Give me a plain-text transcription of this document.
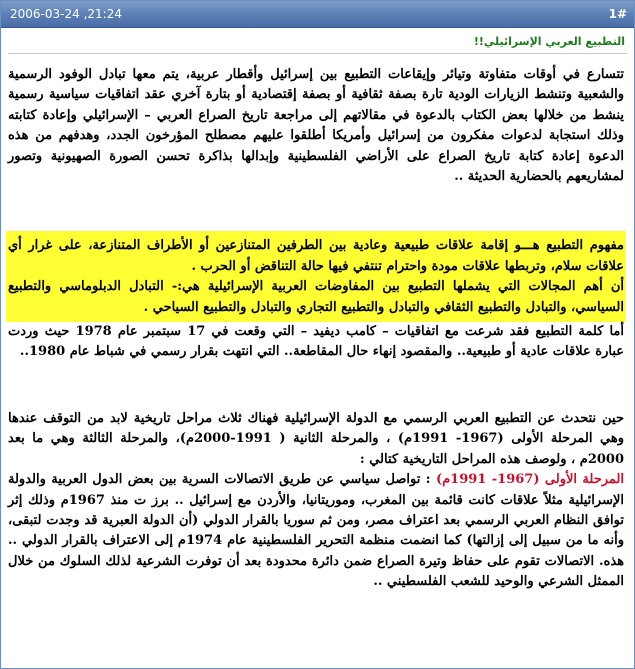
2006-03-24 ,21:24	1#
التطبيع العربي الإسرائيلي!!

تتسارع في أوقات متفاوتة وتيائر وإيقاعات التطبيع بين إسرائيل وأقطار عربية، يتم معها تبادل الوفود الرسمية والشعبية وتنشط الزيارات الودية تارة بصفة ثقافية أو بصفة إقتصادية أو بتارة آخري عقد اتفاقيات سياسية رسمية ينشط من خلالها بعض الكتاب بالدعوة في مقالاتهم إلى مراجعة تاريخ الصراع العربي – الإسرائيلي وإعادة كتابته وذلك استجابة لدعوات مفكرون من إسرائيل وأمريكا أطلقوا عليهم مصطلح المؤرخون الجدد، وهدفهم من هذه الدعوة إعادة كتابة تاريخ الصراع على الأراضي الفلسطينية وإبدالها بذاكرة تحسن الصورة الصهيونية وتصور لمشاريعهم بالحضارية الحديثة ..

مفهوم التطبيع هـــو إقامة علاقات طبيعية وعادية بين الطرفين المتنازعين أو الأطراف المتنازعة، على غرار أي علاقات سلام، وتربطها علاقات مودة واحترام تنتفي فيها حالة التناقض أو الحرب .

أن أهم المجالات التي يشملها التطبيع بين المفاوضات العربية الإسرائيلية هي:- التبادل الدبلوماسي والتطبيع السياسي، والتبادل والتطبيع الثقافي والتبادل والتطبيع التجاري والتبادل والتطبيع السياحي .

أما كلمة التطبيع فقد شرعت مع اتفاقيات – كامب ديفيد – التي وقعت في 17 سبتمبر عام 1978 حيث وردت عبارة علاقات عادية أو طبيعية.. والمقصود إنهاء حال المقاطعة.. التي انتهت بقرار رسمي في شباط عام 1980..

حين نتحدث عن التطبيع العربي الرسمي مع الدولة الإسرائيلية فهناك ثلاث مراحل تاريخية لابد من التوقف عندها وهي المرحلة الأولى (1967- 1991م) ، والمرحلة الثانية ( 1991-2000م)، والمرحلة الثالثة وهي ما بعد 2000م ، ولوصف هذه المراحل التاريخية كتالي :

المرحلة الأولى (1967- 1991م) : تواصل سياسي عن طريق الاتصالات السرية بين بعض الدول العربية والدولة الإسرائيلية مثلاً علاقات كانت قائمة بين المغرب، وموريتانيا، والأردن مع إسرائيل .. برز ت منذ 1967م وذلك إثر توافق النظام العربي الرسمي بعد اعتراف مصر، ومن ثم سوريا بالقرار الدولي (أن الدولة العبرية قد وجدت لتبقى، وأنه ما من سبيل إلى إزالتها) كما انضمت منظمة التحرير الفلسطينية عام 1974م إلى الاعتراف بالقرار الدولي .. هذه. الاتصالات تقوم على حفاظ وتيرة الصراع ضمن دائرة محدودة بعد أن توفرت الشرعية لذلك السلوك من خلال الممثل الشرعي والوحيد للشعب الفلسطيني ..
